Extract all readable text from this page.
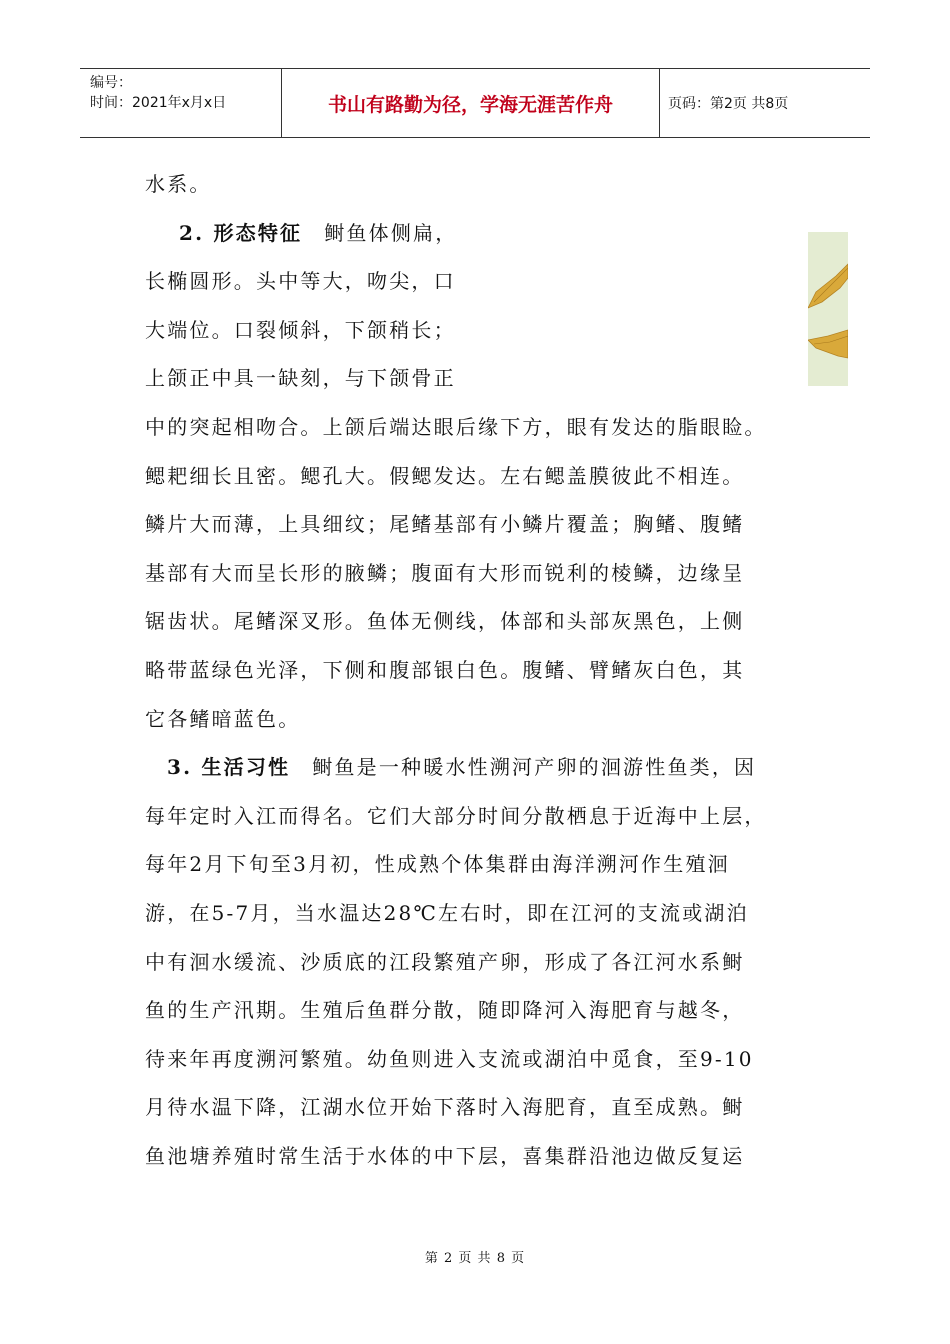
编号：
时间：2021年x月x日	书山有路勤为径，学海无涯苦作舟	页码：第2页 共8页
水系。
2. 形态特征 鲥鱼体侧扁，
长椭圆形。头中等大，吻尖，口
大端位。口裂倾斜，下颌稍长；
上颌正中具一缺刻，与下颌骨正
中的突起相吻合。上颌后端达眼后缘下方，眼有发达的脂眼睑。
鳃耙细长且密。鳃孔大。假鳃发达。左右鳃盖膜彼此不相连。
鳞片大而薄，上具细纹；尾鳍基部有小鳞片覆盖；胸鳍、腹鳍
基部有大而呈长形的腋鳞；腹面有大形而锐利的棱鳞，边缘呈
锯齿状。尾鳍深叉形。鱼体无侧线，体部和头部灰黑色，上侧
略带蓝绿色光泽，下侧和腹部银白色。腹鳍、臂鳍灰白色，其
它各鳍暗蓝色。
3. 生活习性 鲥鱼是一种暖水性溯河产卵的洄游性鱼类，因
每年定时入江而得名。它们大部分时间分散栖息于近海中上层，
每年2月下旬至3月初，性成熟个体集群由海洋溯河作生殖洄
游，在5-7月，当水温达28℃左右时，即在江河的支流或湖泊
中有洄水缓流、沙质底的江段繁殖产卵，形成了各江河水系鲥
鱼的生产汛期。生殖后鱼群分散，随即降河入海肥育与越冬，
待来年再度溯河繁殖。幼鱼则进入支流或湖泊中觅食，至9-10
月待水温下降，江湖水位开始下落时入海肥育，直至成熟。鲥
鱼池塘养殖时常生活于水体的中下层，喜集群沿池边做反复运
第 2 页 共 8 页
